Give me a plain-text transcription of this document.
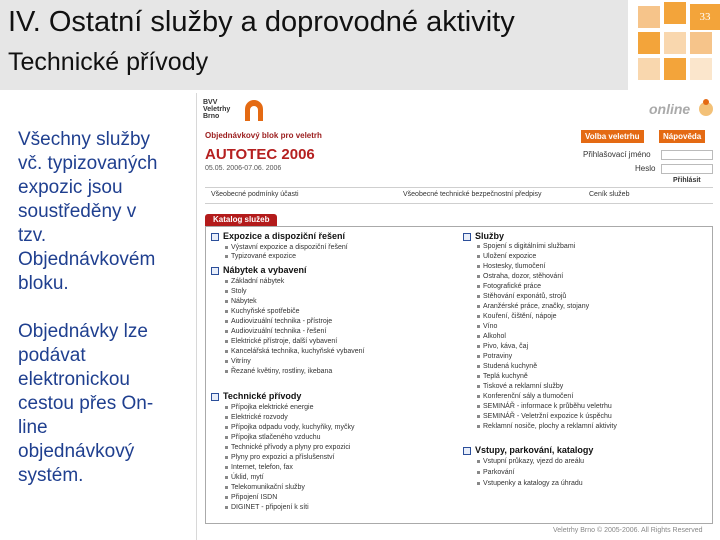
IV. Ostatní služby a doprovodné aktivity
Technické přívody
33
Všechny služby
vč. typizovaných
expozic jsou
soustředěny v
tzv.
Objednávkovém
bloku.
Objednávky lze
podávat
elektronickou
cestou přes On-
line
objednávkový
systém.
BVV
Veletrhy
Brno	online
Objednávkový blok pro veletrh
AUTOTEC 2006
05.05. 2006-07.06. 2006
Volba veletrhu	Nápověda
Přihlašovací jméno
Heslo
Přihlásit
Všeobecné podmínky účasti	Všeobecné technické bezpečnostní předpisy	Ceník služeb
Katalog služeb
Expozice a dispoziční řešení
Výstavní expozice a dispoziční řešení
Typizované expozice
Nábytek a vybavení
Základní nábytek
Stoly
Nábytek
Kuchyňské spotřebiče
Audiovizuální technika - přístroje
Audiovizuální technika - řešení
Elektrické přístroje, další vybavení
Kancelářská technika, kuchyňské vybavení
Vitríny
Řezané květiny, rostliny, ikebana
Technické přívody
Přípojka elektrické energie
Elektrické rozvody
Přípojka odpadu vody, kuchyňky, myčky
Přípojka stlačeného vzduchu
Technické přívody a plyny pro expozici
Plyny pro expozici a příslušenství
Internet, telefon, fax
Úklid, mytí
Telekomunikační služby
Připojení ISDN
DIGINET - připojení k síti
Služby
Spojení s digitálními službami
Uložení expozice
Hostesky, tlumočení
Ostraha, dozor, stěhování
Fotografické práce
Stěhování exponátů, strojů
Aranžérské práce, značky, stojany
Kouření, čištění, nápoje
Víno
Alkohol
Pivo, káva, čaj
Potraviny
Studená kuchyně
Teplá kuchyně
Tiskové a reklamní služby
Konferenční sály a tlumočení
SEMINÁŘ - informace k průběhu veletrhu
SEMINÁŘ - Veletržní expozice k úspěchu
Reklamní nosiče, plochy a reklamní aktivity
Vstupy, parkování, katalogy
Vstupní průkazy, vjezd do areálu
Parkování
Vstupenky a katalogy za úhradu
Veletrhy Brno © 2005-2006. All Rights Reserved
